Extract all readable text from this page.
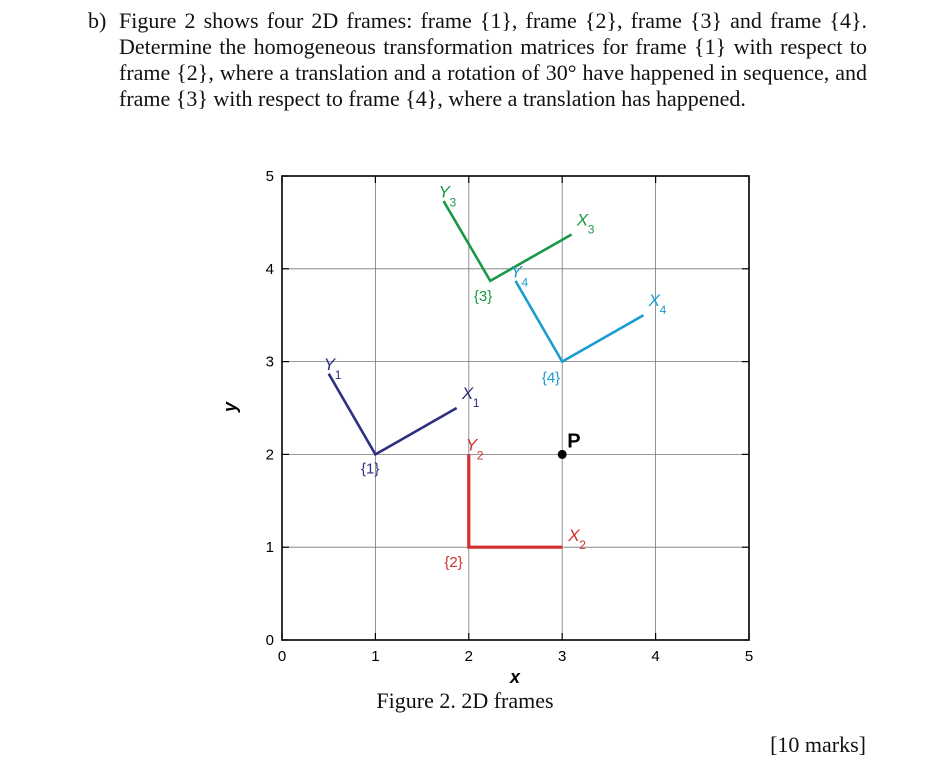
b) Figure 2 shows four 2D frames: frame {1}, frame {2}, frame {3} and frame {4}. Determine the homogeneous transformation matrices for frame {1} with respect to frame {2}, where a translation and a rotation of 30° have happened in sequence, and frame {3} with respect to frame {4}, where a translation has happened.
0	1	2	3	4	5
0
1
2
3
4
5
X 1
Y
1
{1}
X 2
Y
2
{2}
X 3
Y
3
{3}	X 4
Y
4
{4}
P
y
x
Figure 2. 2D frames
[10 marks]
